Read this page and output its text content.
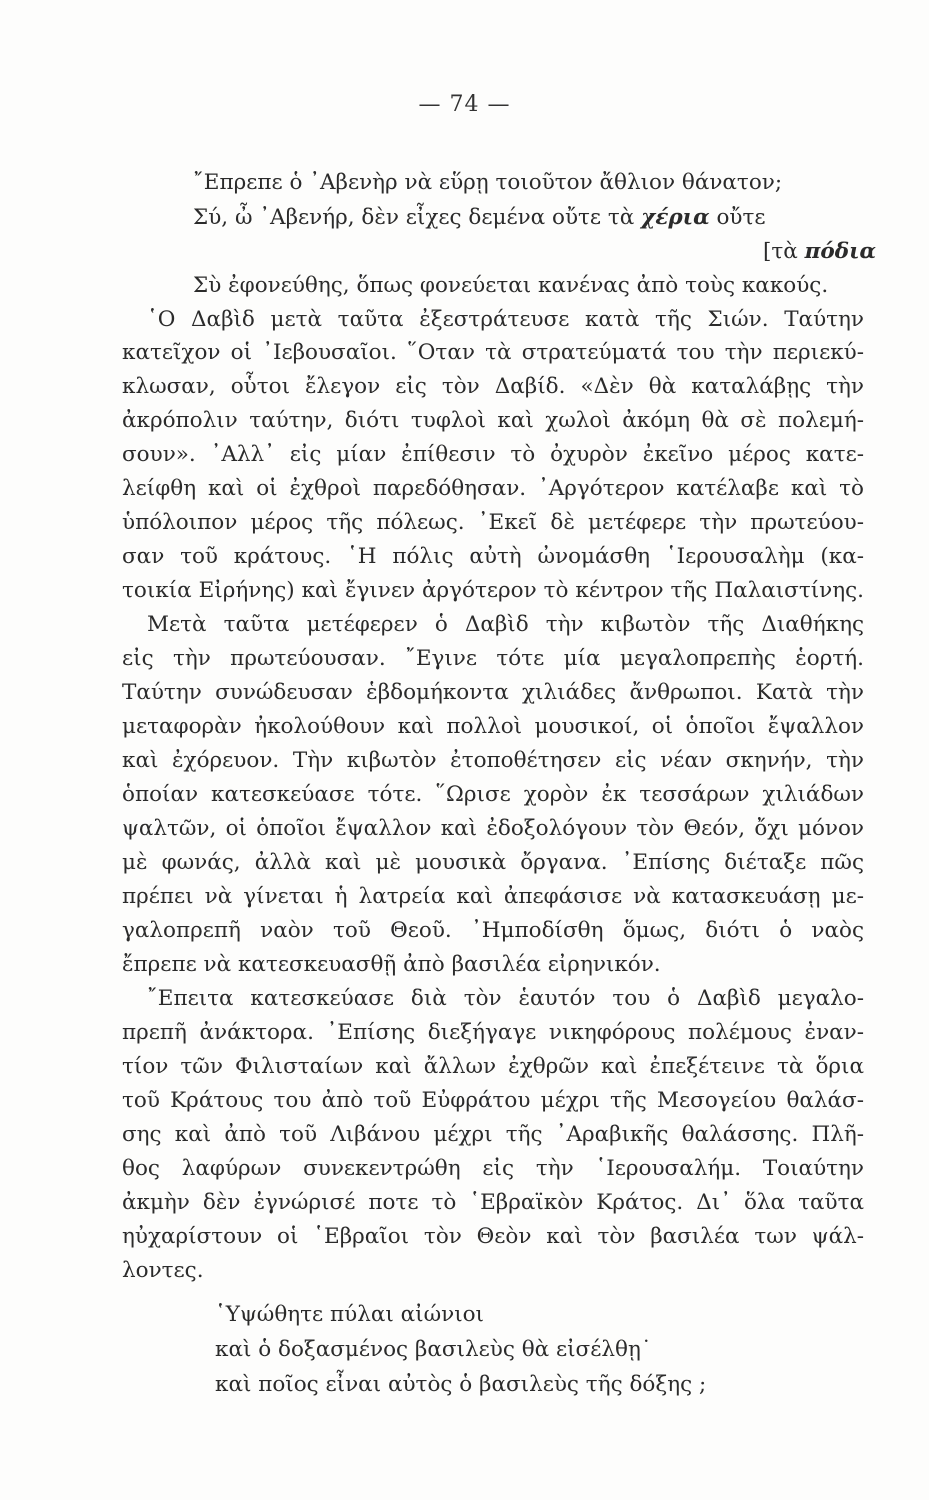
— 74 —
῎Επρεπε ὁ ᾿Αβενὴρ νὰ εὕρῃ τοιοῦτον ἄθλιον θάνατον;
Σύ, ὦ ᾿Αβενήρ, δὲν εἶχες δεμένα οὔτε τὰ χέρια οὔτε
[τὰ πόδια
Σὺ ἐφονεύθης, ὅπως φονεύεται κανένας ἀπὸ τοὺς κακούς.
῾Ο Δαβὶδ μετὰ ταῦτα ἐξεστράτευσε κατὰ τῆς Σιών. Ταύτην
κατεῖχον οἱ ᾿Ιεβουσαῖοι. ῞Οταν τὰ στρατεύματά του τὴν περιεκύ-
κλωσαν, οὗτοι ἔλεγον εἰς τὸν Δαβίδ. «Δὲν θὰ καταλάβῃς τὴν
ἀκρόπολιν ταύτην, διότι τυφλοὶ καὶ χωλοὶ ἀκόμη θὰ σὲ πολεμή-
σουν». ᾿Αλλ᾿ εἰς μίαν ἐπίθεσιν τὸ ὀχυρὸν ἐκεῖνο μέρος κατε-
λείφθη καὶ οἱ ἐχθροὶ παρεδόθησαν. ᾿Αργότερον κατέλαβε καὶ τὸ
ὑπόλοιπον μέρος τῆς πόλεως. ᾿Εκεῖ δὲ μετέφερε τὴν πρωτεύου-
σαν τοῦ κράτους. ῾Η πόλις αὐτὴ ὠνομάσθη ῾Ιερουσαλὴμ (κα-
τοικία Εἰρήνης) καὶ ἔγινεν ἀργότερον τὸ κέντρον τῆς Παλαιστίνης.
Μετὰ ταῦτα μετέφερεν ὁ Δαβὶδ τὴν κιβωτὸν τῆς Διαθήκης
εἰς τὴν πρωτεύουσαν. ῎Εγινε τότε μία μεγαλοπρεπὴς ἑορτή.
Ταύτην συνώδευσαν ἑβδομήκοντα χιλιάδες ἄνθρωποι. Κατὰ τὴν
μεταφορὰν ἠκολούθουν καὶ πολλοὶ μουσικοί, οἱ ὁποῖοι ἔψαλλον
καὶ ἐχόρευον. Τὴν κιβωτὸν ἐτοποθέτησεν εἰς νέαν σκηνήν, τὴν
ὁποίαν κατεσκεύασε τότε. ῞Ωρισε χορὸν ἐκ τεσσάρων χιλιάδων
ψαλτῶν, οἱ ὁποῖοι ἔψαλλον καὶ ἐδοξολόγουν τὸν Θεόν, ὄχι μόνον
μὲ φωνάς, ἀλλὰ καὶ μὲ μουσικὰ ὄργανα. ᾿Επίσης διέταξε πῶς
πρέπει νὰ γίνεται ἡ λατρεία καὶ ἀπεφάσισε νὰ κατασκευάσῃ με-
γαλοπρεπῆ ναὸν τοῦ Θεοῦ. ᾿Ημποδίσθη ὅμως, διότι ὁ ναὸς
ἔπρεπε νὰ κατεσκευασθῇ ἀπὸ βασιλέα εἰρηνικόν.
῎Επειτα κατεσκεύασε διὰ τὸν ἑαυτόν του ὁ Δαβὶδ μεγαλο-
πρεπῆ ἀνάκτορα. ᾿Επίσης διεξήγαγε νικηφόρους πολέμους ἐναν-
τίον τῶν Φιλισταίων καὶ ἄλλων ἐχθρῶν καὶ ἐπεξέτεινε τὰ ὅρια
τοῦ Κράτους του ἀπὸ τοῦ Εὐφράτου μέχρι τῆς Μεσογείου θαλάσ-
σης καὶ ἀπὸ τοῦ Λιβάνου μέχρι τῆς ᾿Αραβικῆς θαλάσσης. Πλῆ-
θος λαφύρων συνεκεντρώθη εἰς τὴν ῾Ιερουσαλήμ. Τοιαύτην
ἀκμὴν δὲν ἐγνώρισέ ποτε τὸ ῾Εβραϊκὸν Κράτος. Δι᾿ ὅλα ταῦτα
ηὐχαρίστουν οἱ ῾Εβραῖοι τὸν Θεὸν καὶ τὸν βασιλέα των ψάλ-
λοντες.
῾Υψώθητε πύλαι αἰώνιοι
καὶ ὁ δοξασμένος βασιλεὺς θὰ εἰσέλθῃ˙
καὶ ποῖος εἶναι αὐτὸς ὁ βασιλεὺς τῆς δόξης ;
